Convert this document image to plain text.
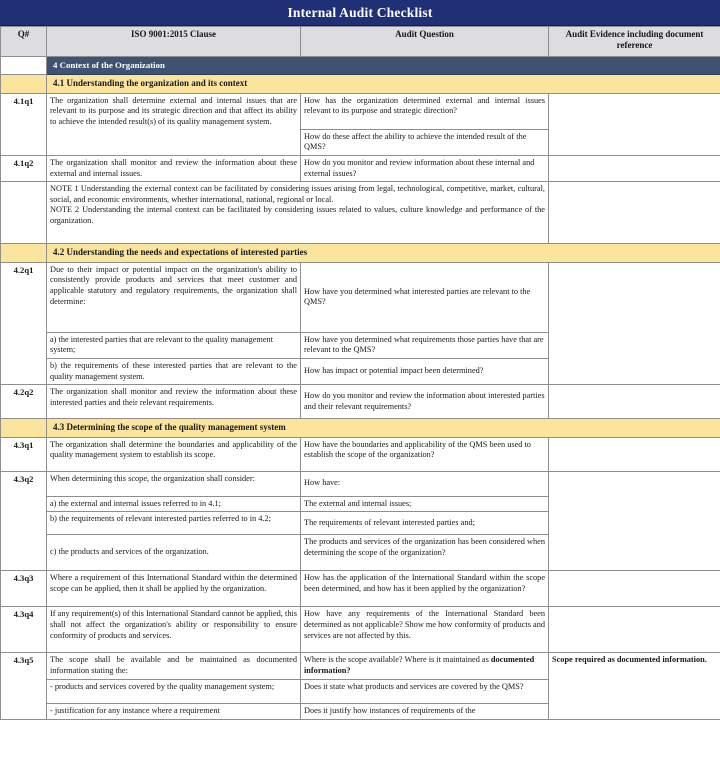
Internal Audit Checklist
Q#	ISO 9001:2015 Clause	Audit Question	Audit Evidence including document reference
	4 Context of the Organization		
	4.1 Understanding the organization and its context		
4.1q1	The organization shall determine external and internal issues that are relevant to its purpose and its strategic direction and that affect its ability to achieve the intended result(s) of its quality management system.	How has the organization determined external and internal issues relevant to its purpose and strategic direction?	
		How do these affect the ability to achieve the intended result of the QMS?	
4.1q2	The organization shall monitor and review the information about these external and internal issues.	How do you monitor and review information about these internal and external issues?	

	NOTE 1 Understanding the external context can be facilitated by considering issues arising from legal, technological, competitive, market, cultural, social, and economic environments, whether international, national, regional or local.

NOTE 2 Understanding the internal context can be facilitated by considering issues related to values, culture knowledge and performance of the organization.		

	4.2 Understanding the needs and expectations of interested parties		
4.2q1	Due to their impact or potential impact on the organization's ability to consistently provide products and services that meet customer and applicable statutory and regulatory requirements, the organization shall determine:	How have you determined what interested parties are relevant to the QMS?	
	a) the interested parties that are relevant to the quality management system;	How have you determined what requirements those parties have that are relevant to the QMS?	
	b) the requirements of these interested parties that are relevant to the quality management system.	How has impact or potential impact been determined?	
4.2q2	The organization shall monitor and review the information about these interested parties and their relevant requirements.	How do you monitor and review the information about interested parties and their relevant requirements?	
	4.3 Determining the scope of the quality management system		
4.3q1	The organization shall determine the boundaries and applicability of the quality management system to establish its scope.	How have the boundaries and applicability of the QMS been used to establish the scope of the organization?	
4.3q2	When determining this scope, the organization shall consider:	How have:	
	a) the external and internal issues referred to in 4.1;	The external and internal issues;	
	b) the requirements of relevant interested parties referred to in 4.2;	The requirements of relevant interested parties and;	
	c) the products and services of the organization.	The products and services of the organization has been considered when determining the scope of the organization?	
4.3q3	Where a requirement of this International Standard within the determined scope can be applied, then it shall be applied by the organization.	How has the application of the International Standard within the scope been determined, and how has it been applied by the organization?	
4.3q4	If any requirement(s) of this International Standard cannot be applied, this shall not affect the organization's ability or responsibility to ensure conformity of products and services.	How have any requirements of the International Standard been determined as not applicable? Show me how conformity of products and services are not affected by this.	
4.3q5	The scope shall be available and be maintained as documented information stating the:	Where is the scope available? Where is it maintained as documented information?	Scope required as documented information.
	- products and services covered by the quality management system;	Does it state what products and services are covered by the QMS?	
	- justification for any instance where a requirement	Does it justify how instances of requirements of the	
